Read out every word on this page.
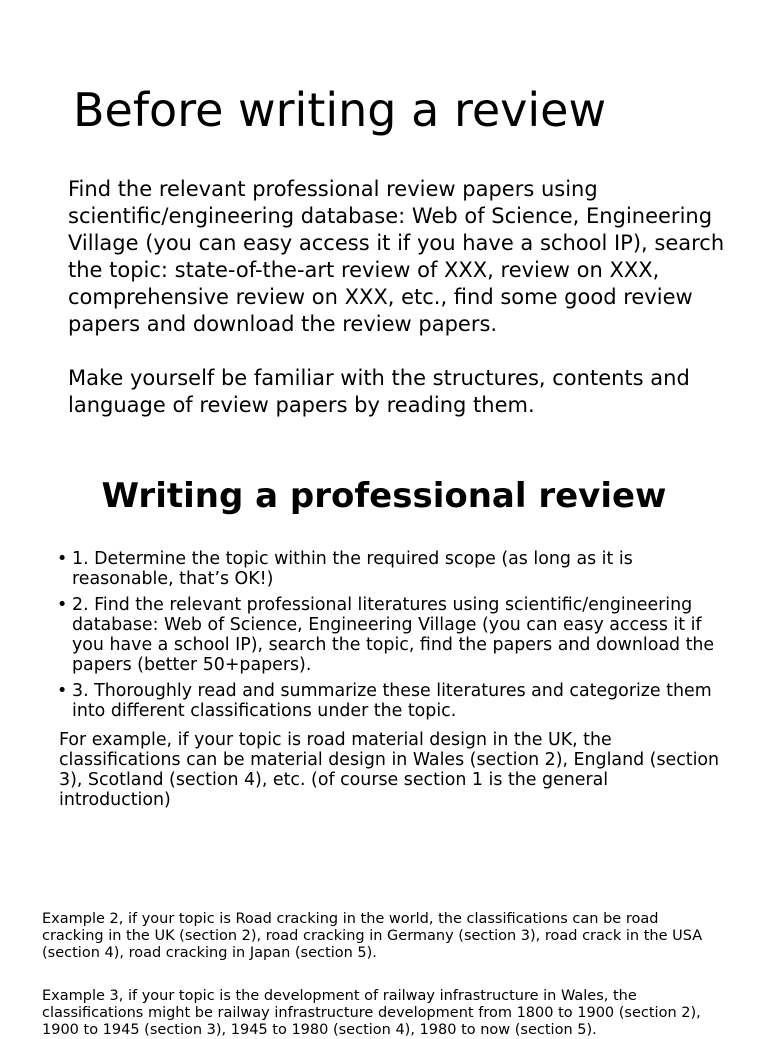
Before writing a review

Find the relevant professional review papers using scientific/engineering database: Web of Science, Engineering Village (you can easy access it if you have a school IP), search the topic: state-of-the-art review of XXX, review on XXX, comprehensive review on XXX, etc., find some good review papers and download the review papers.

Make yourself be familiar with the structures, contents and language of review papers by reading them.

Writing a professional review
• 1. Determine the topic within the required scope (as long as it is reasonable, that’s OK!)
• 2. Find the relevant professional literatures using scientific/engineering database: Web of Science, Engineering Village (you can easy access it if you have a school IP), search the topic, find the papers and download the papers (better 50+papers).
• 3. Thoroughly read and summarize these literatures and categorize them into different classifications under the topic.

For example, if your topic is road material design in the UK, the classifications can be material design in Wales (section 2), England (section 3), Scotland (section 4), etc. (of course section 1 is the general introduction)

Example 2, if your topic is Road cracking in the world, the classifications can be road cracking in the UK (section 2), road cracking in Germany (section 3), road crack in the USA (section 4), road cracking in Japan (section 5).

Example 3, if your topic is the development of railway infrastructure in Wales, the classifications might be railway infrastructure development from 1800 to 1900 (section 2), 1900 to 1945 (section 3), 1945 to 1980 (section 4), 1980 to now (section 5).
